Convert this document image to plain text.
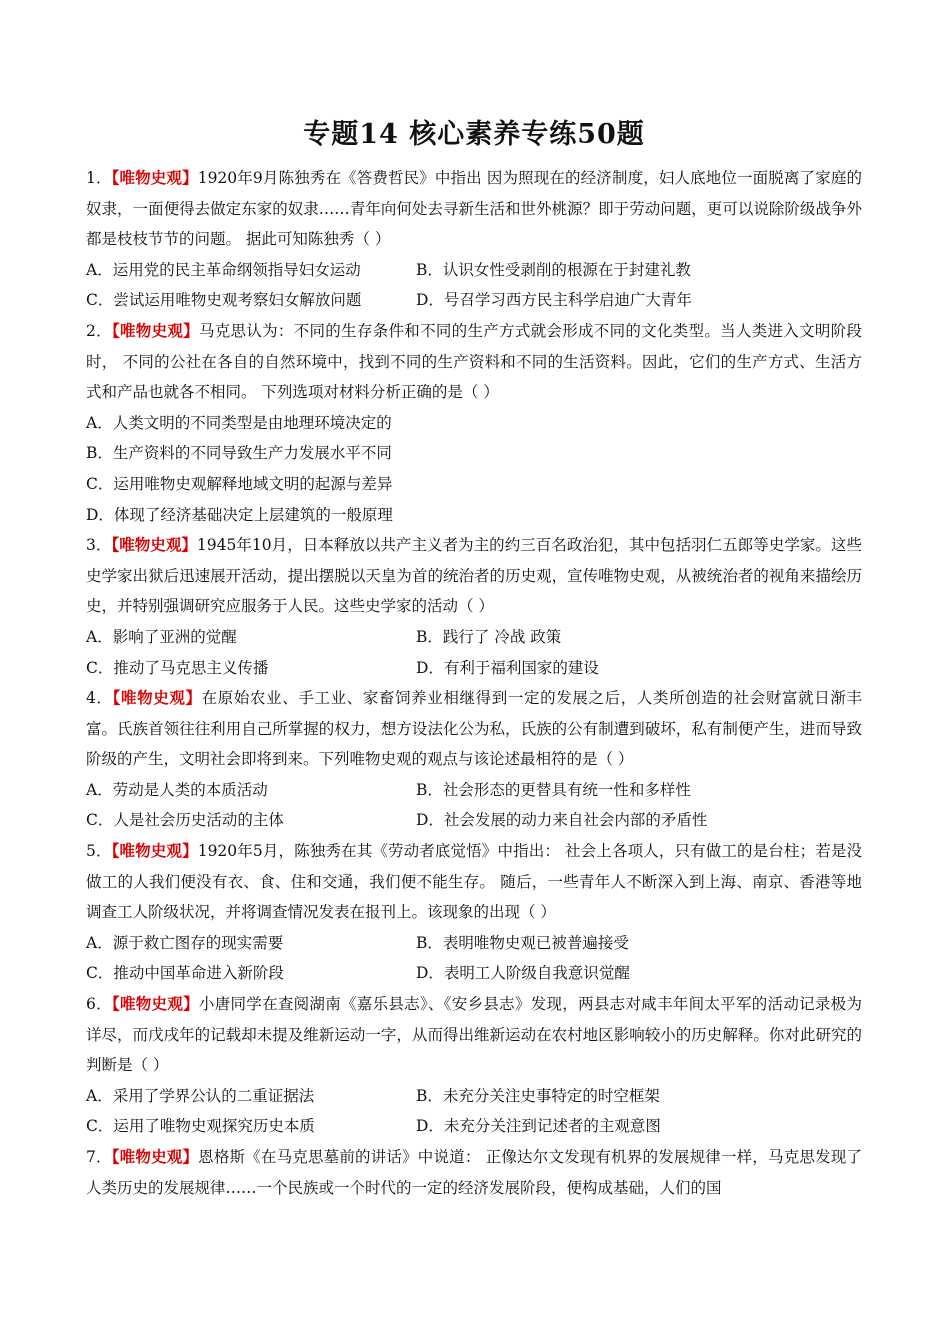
专题14 核心素养专练50题

1．【唯物史观】1920年9月陈独秀在《答费哲民》中指出 因为照现在的经济制度，妇人底地位一面脱离了家庭的奴隶，一面便得去做定东家的奴隶……青年向何处去寻新生活和世外桃源？即于劳动问题，更可以说除阶级战争外都是枝枝节节的问题。 据此可知陈独秀（ ）

A．运用党的民主革命纲领指导妇女运动	B．认识女性受剥削的根源在于封建礼教
C．尝试运用唯物史观考察妇女解放问题	D．号召学习西方民主科学启迪广大青年

2．【唯物史观】马克思认为：不同的生存条件和不同的生产方式就会形成不同的文化类型。当人类进入文明阶段时， 不同的公社在各自的自然环境中，找到不同的生产资料和不同的生活资料。因此，它们的生产方式、生活方式和产品也就各不相同。 下列选项对材料分析正确的是（ ）

A．人类文明的不同类型是由地理环境决定的
B．生产资料的不同导致生产力发展水平不同
C．运用唯物史观解释地域文明的起源与差异
D．体现了经济基础决定上层建筑的一般原理

3．【唯物史观】1945年10月，日本释放以共产主义者为主的约三百名政治犯，其中包括羽仁五郎等史学家。这些史学家出狱后迅速展开活动，提出摆脱以天皇为首的统治者的历史观，宣传唯物史观，从被统治者的视角来描绘历史，并特别强调研究应服务于人民。这些史学家的活动（ ）

A．影响了亚洲的觉醒	B．践行了 冷战 政策
C．推动了马克思主义传播	D．有利于福利国家的建设

4．【唯物史观】在原始农业、手工业、家畜饲养业相继得到一定的发展之后，人类所创造的社会财富就日渐丰富。氏族首领往往利用自己所掌握的权力，想方设法化公为私，氏族的公有制遭到破坏，私有制便产生，进而导致阶级的产生，文明社会即将到来。下列唯物史观的观点与该论述最相符的是（ ）

A．劳动是人类的本质活动	B．社会形态的更替具有统一性和多样性
C．人是社会历史活动的主体	D．社会发展的动力来自社会内部的矛盾性

5．【唯物史观】1920年5月，陈独秀在其《劳动者底觉悟》中指出： 社会上各项人，只有做工的是台柱；若是没做工的人我们便没有衣、食、住和交通，我们便不能生存。 随后，一些青年人不断深入到上海、南京、香港等地调查工人阶级状况，并将调查情况发表在报刊上。该现象的出现（ ）

A．源于救亡图存的现实需要	B．表明唯物史观已被普遍接受
C．推动中国革命进入新阶段	D．表明工人阶级自我意识觉醒

6．【唯物史观】小唐同学在查阅湖南《嘉乐县志》、《安乡县志》发现，两县志对咸丰年间太平军的活动记录极为详尽，而戊戌年的记载却未提及维新运动一字，从而得出维新运动在农村地区影响较小的历史解释。你对此研究的判断是（ ）

A．采用了学界公认的二重证据法	B．未充分关注史事特定的时空框架
C．运用了唯物史观探究历史本质	D．未充分关注到记述者的主观意图

7．【唯物史观】恩格斯《在马克思墓前的讲话》中说道： 正像达尔文发现有机界的发展规律一样，马克思发现了人类历史的发展规律……一个民族或一个时代的一定的经济发展阶段，便构成基础，人们的国
